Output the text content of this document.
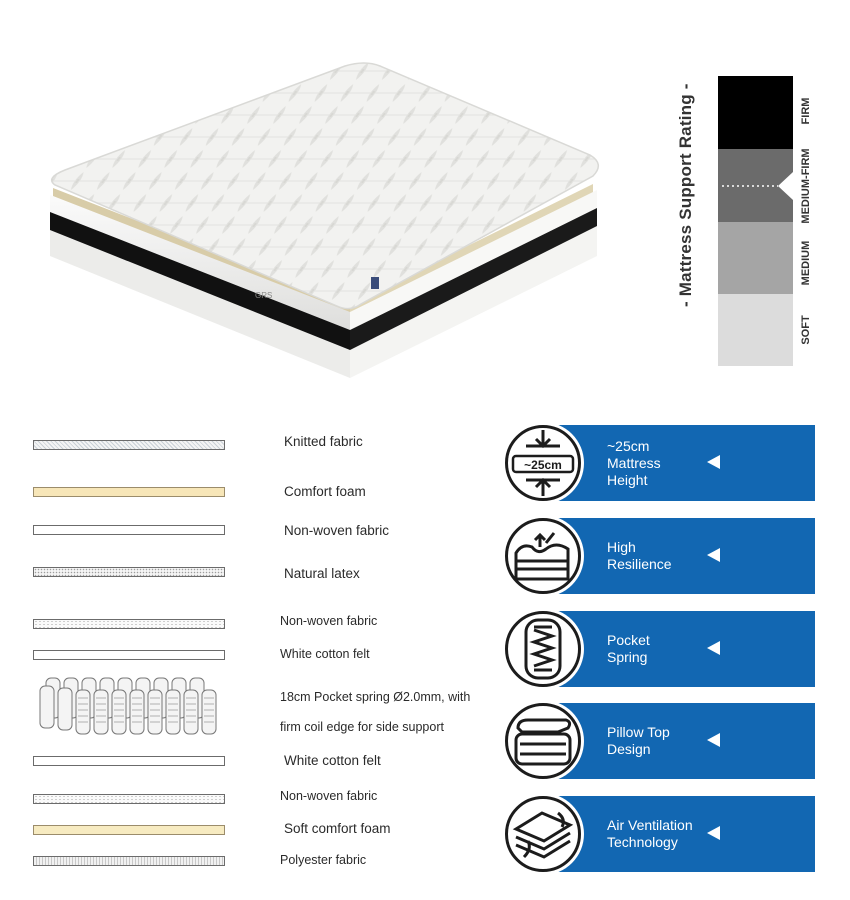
GRS	- Mattress Support Rating -	FIRM
MEDIUM-FIRM
MEDIUM
SOFT
Knitted fabric
Comfort foam
Non-woven fabric
Natural latex
Non-woven fabric
White cotton felt
18cm Pocket spring Ø2.0mm, with
firm coil edge for side support
White cotton felt
Non-woven fabric
Soft comfort foam
Polyester fabric
~25cm
~25cm
Mattress
Height
High
Resilience
Pocket
Spring
Pillow Top
Design
Air Ventilation
Technology
